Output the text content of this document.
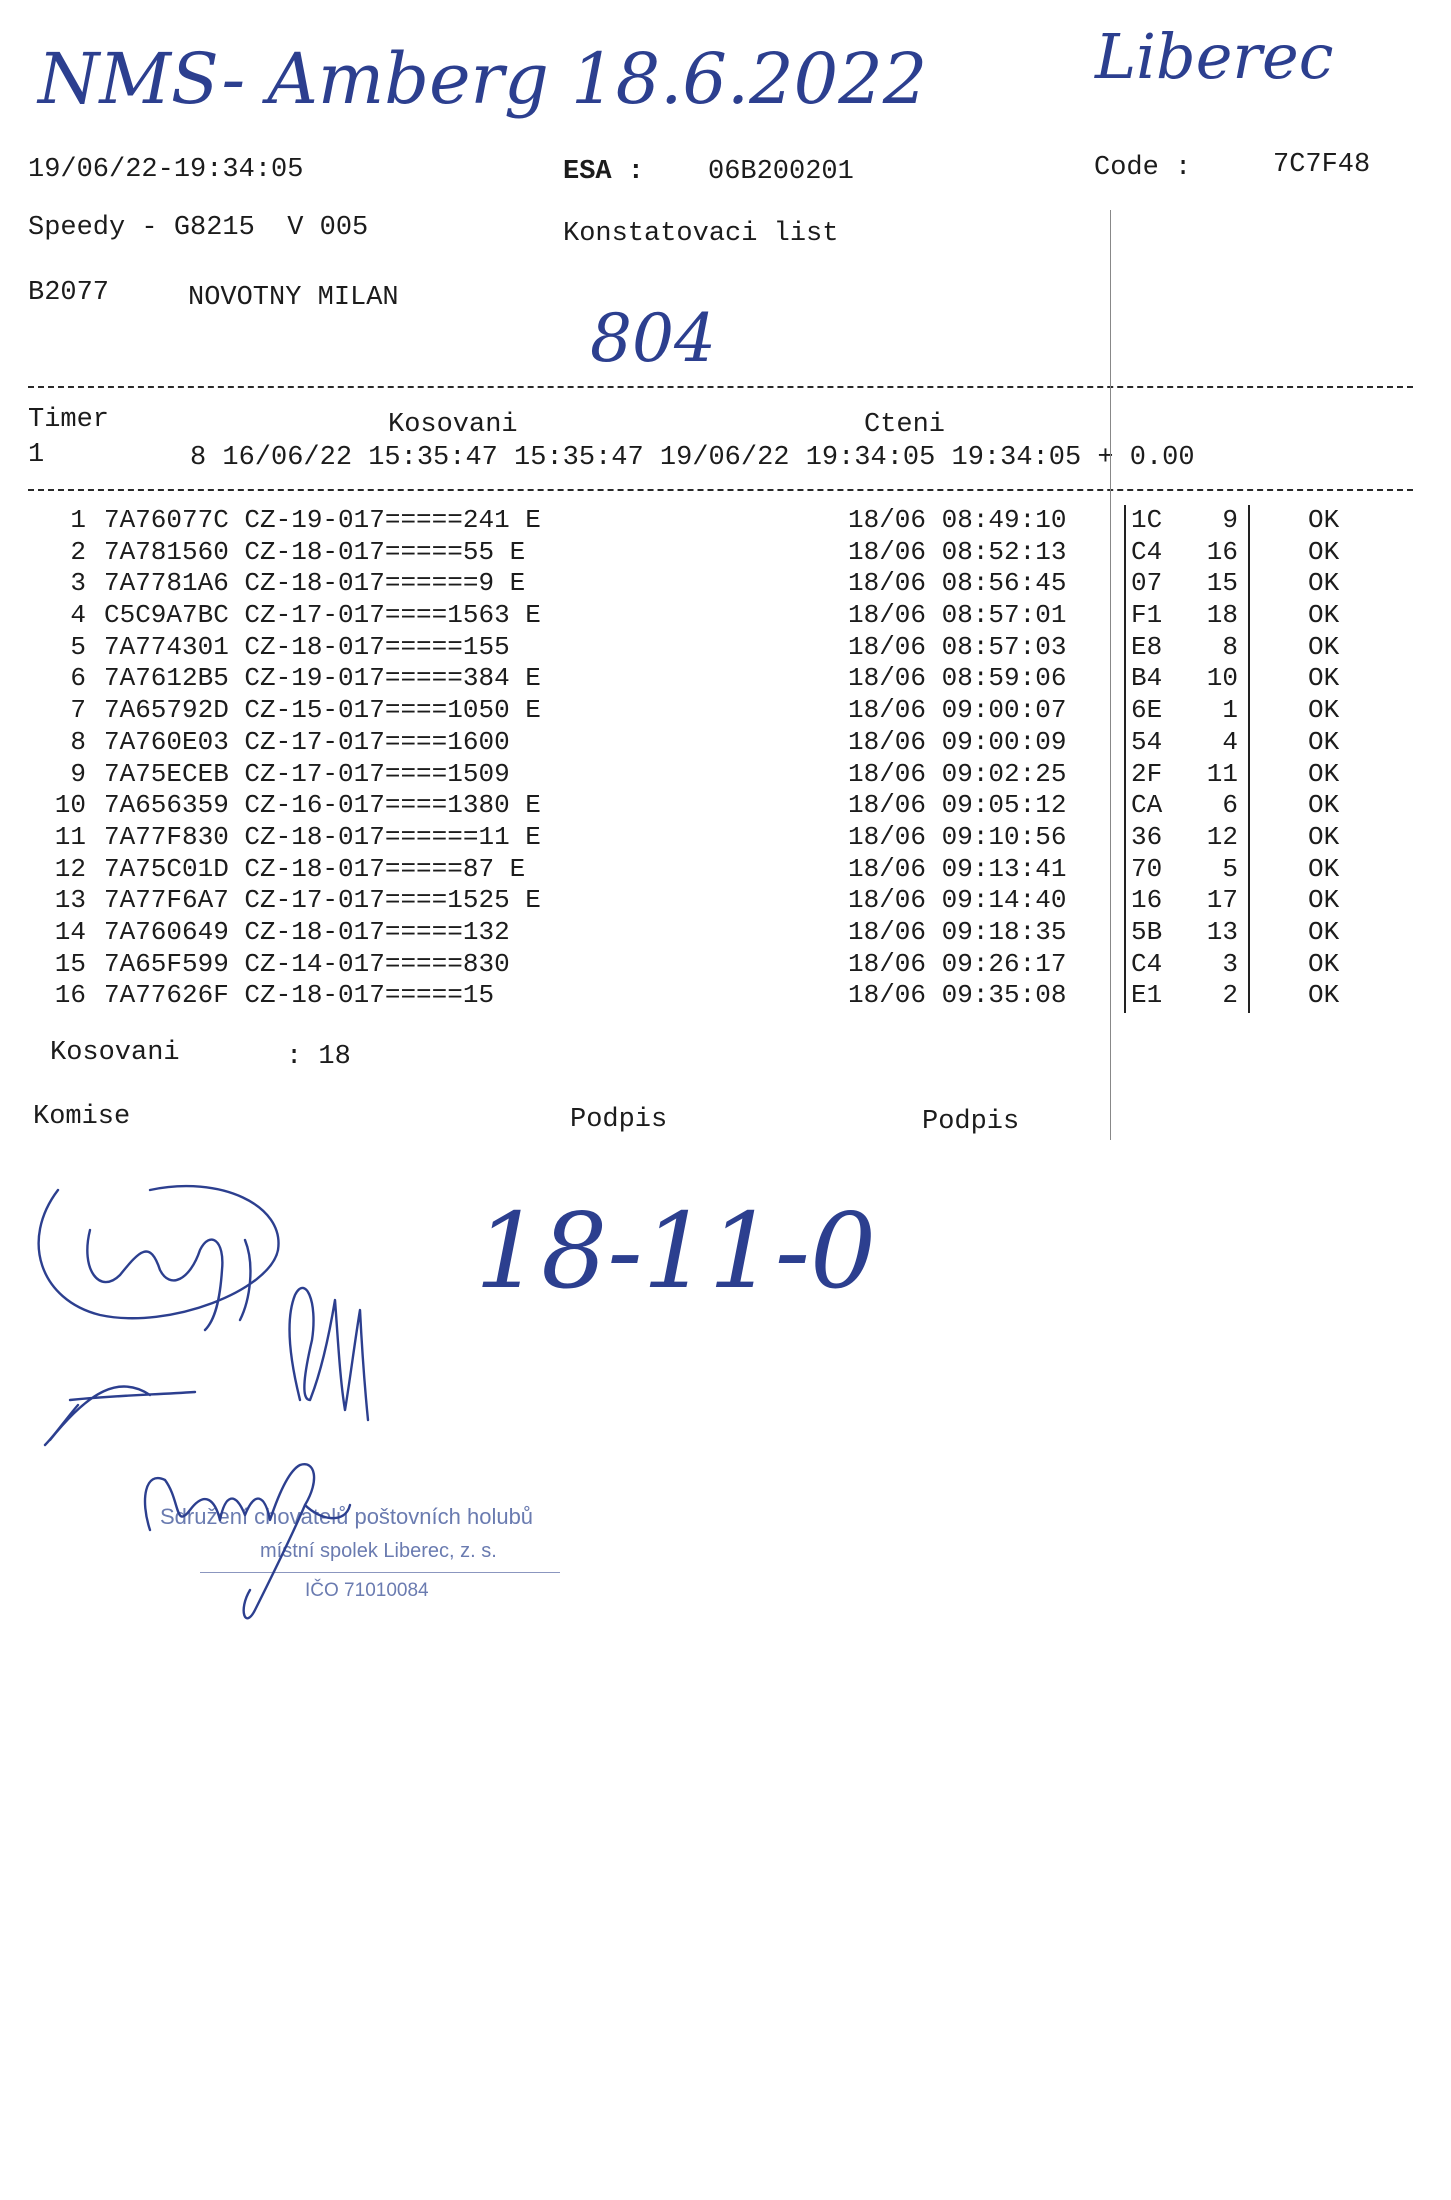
NMS- Amberg 18.6.2022	Liberec
19/06/22-19:34:05	ESA : 06B200201	Code :	7C7F48
Speedy - G8215  V 005	Konstatovaci list
B2077	NOVOTNY MILAN
804
Timer	Kosovani	Cteni
1	8 16/06/22 15:35:47 15:35:47 19/06/22 19:34:05 19:34:05 + 0.00
1 7A76077C CZ-19-017=====241 E	18/06 08:49:10 1C	9	OK
2 7A781560 CZ-18-017=====55 E	18/06 08:52:13 C4	16	OK
3 7A7781A6 CZ-18-017======9 E	18/06 08:56:45 07	15	OK
4 C5C9A7BC CZ-17-017====1563 E	18/06 08:57:01 F1	18	OK
5 7A774301 CZ-18-017=====155	18/06 08:57:03 E8	8	OK
6 7A7612B5 CZ-19-017=====384 E	18/06 08:59:06 B4	10	OK
7 7A65792D CZ-15-017====1050 E	18/06 09:00:07 6E	1	OK
8 7A760E03 CZ-17-017====1600	18/06 09:00:09 54	4	OK
9 7A75ECEB CZ-17-017====1509	18/06 09:02:25 2F	11	OK
10 7A656359 CZ-16-017====1380 E	18/06 09:05:12 CA	6	OK
11 7A77F830 CZ-18-017======11 E	18/06 09:10:56 36	12	OK
12 7A75C01D CZ-18-017=====87 E	18/06 09:13:41 70	5	OK
13 7A77F6A7 CZ-17-017====1525 E	18/06 09:14:40 16	17	OK
14 7A760649 CZ-18-017=====132	18/06 09:18:35 5B	13	OK
15 7A65F599 CZ-14-017=====830	18/06 09:26:17 C4	3	OK
16 7A77626F CZ-18-017=====15	18/06 09:35:08 E1	2	OK
Kosovani	: 18
Komise	Podpis	Podpis
18-11-0
Sdružení chovatelů poštovních holubů
místní spolek Liberec, z. s.
IČO 71010084
